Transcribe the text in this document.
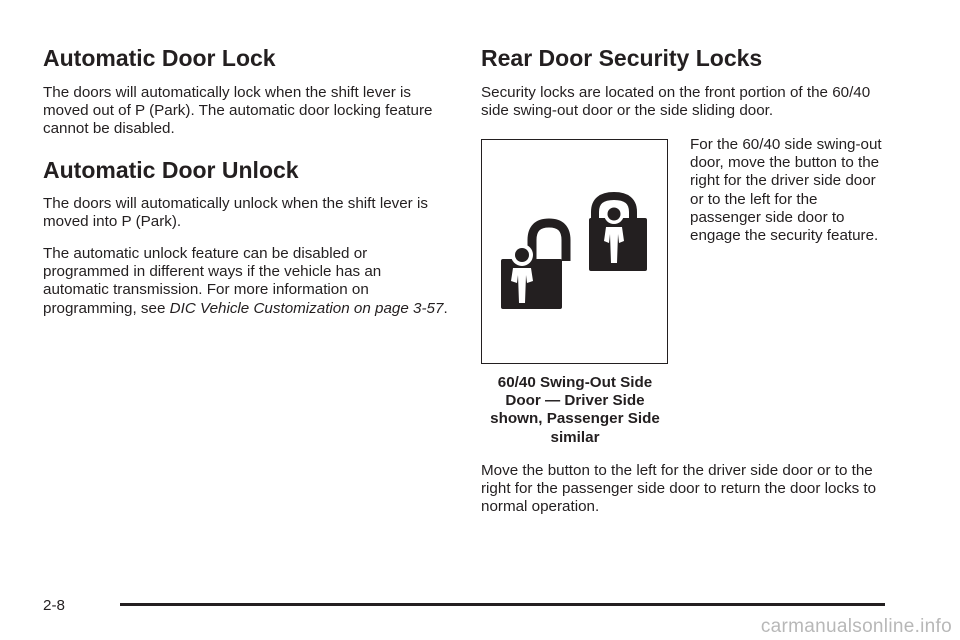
Automatic Door Lock

The doors will automatically lock when the shift lever is moved out of P (Park). The automatic door locking feature cannot be disabled.

Automatic Door Unlock

The doors will automatically unlock when the shift lever is moved into P (Park).

The automatic unlock feature can be disabled or programmed in different ways if the vehicle has an automatic transmission. For more information on programming, see DIC Vehicle Customization on page 3-57.

Rear Door Security Locks

Security locks are located on the front portion of the 60/40 side swing-out door or the side sliding door.

60/40 Swing-Out Side Door — Driver Side shown, Passenger Side similar

For the 60/40 side swing-out door, move the button to the right for the driver side door or to the left for the passenger side door to engage the security feature.

Move the button to the left for the driver side door or to the right for the passenger side door to return the door locks to normal operation.

2-8
carmanualsonline.info
